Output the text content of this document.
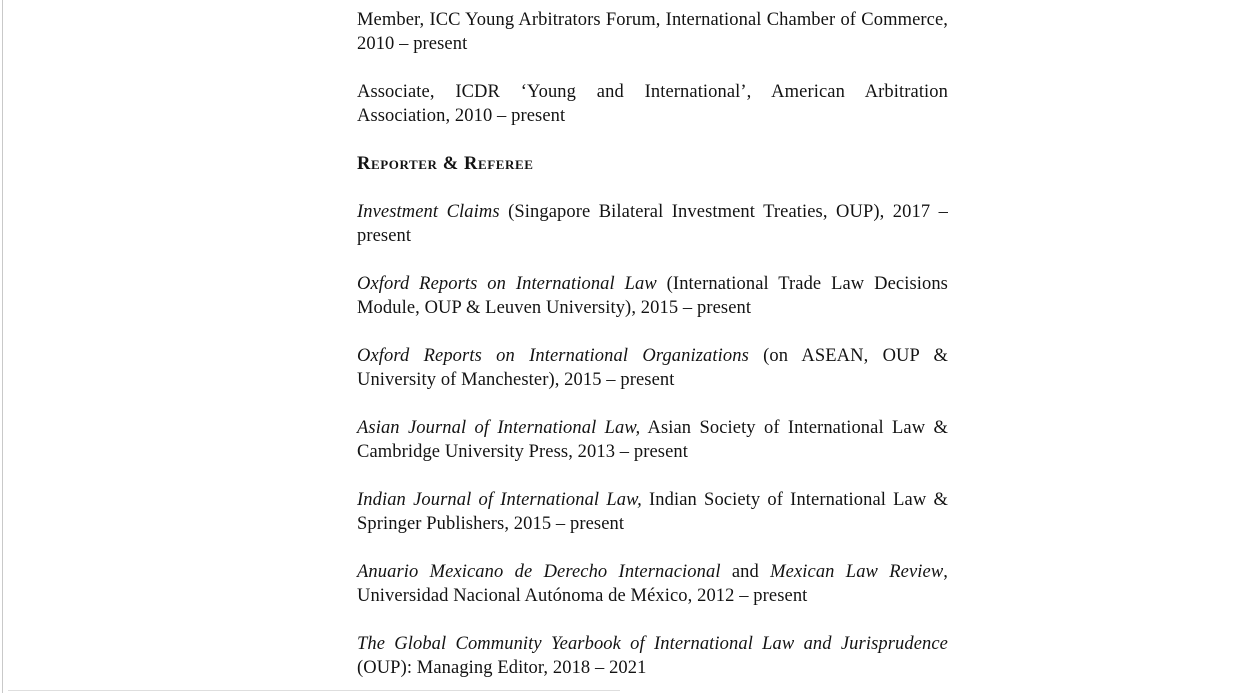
Member, ICC Young Arbitrators Forum, International Chamber of Commerce, 2010 – present
Associate, ICDR ‘Young and International’, American Arbitration Association, 2010 – present
Reporter & Referee
Investment Claims (Singapore Bilateral Investment Treaties, OUP), 2017 – present
Oxford Reports on International Law (International Trade Law Decisions Module, OUP & Leuven University), 2015 – present
Oxford Reports on International Organizations (on ASEAN, OUP & University of Manchester), 2015 – present
Asian Journal of International Law, Asian Society of International Law & Cambridge University Press, 2013 – present
Indian Journal of International Law, Indian Society of International Law & Springer Publishers, 2015 – present
Anuario Mexicano de Derecho Internacional and Mexican Law Review, Universidad Nacional Autónoma de México, 2012 – present
The Global Community Yearbook of International Law and Jurisprudence (OUP): Managing Editor, 2018 – 2021
